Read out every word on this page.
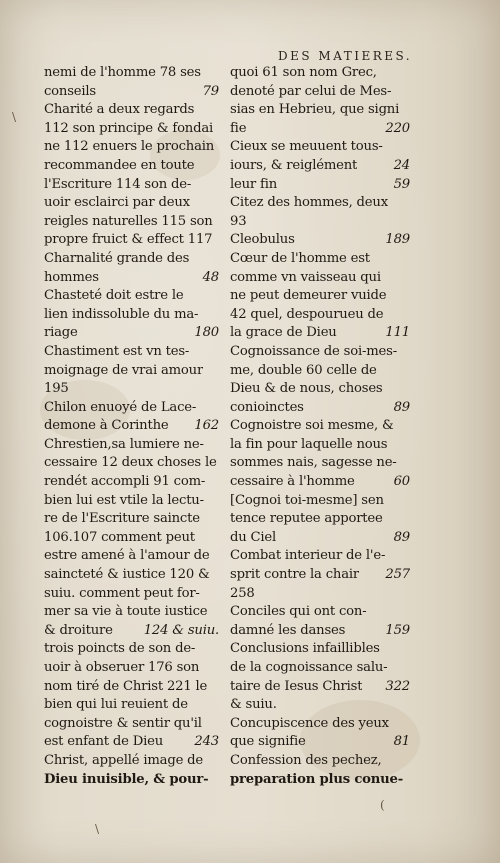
DES MATIERES.
nemi de l'homme 78 ses
conseils	79
Charité a deux regards
112 son principe & fondai
ne 112 enuers le prochain
recommandee en toute
l'Escriture 114 son de-
uoir esclairci par deux
reigles naturelles 115 son
propre fruict & effect 117
Charnalité grande des
hommes	48
Chasteté doit estre le
lien indissoluble du ma-
riage	180
Chastiment est vn tes-
moignage de vrai amour
195
Chilon enuoyé de Lace-
demone à Corinthe	162
Chrestien,sa lumiere ne-
cessaire 12 deux choses le
rendét accompli 91 com-
bien lui est vtile la lectu-
re de l'Escriture saincte
106.107 comment peut
estre amené à l'amour de
saincteté & iustice 120 &
suiu. comment peut for-
mer sa vie à toute iustice
& droiture	124 & suiu.
trois poincts de son de-
uoir à obseruer 176 son
nom tiré de Christ 221 le
bien qui lui reuient de
cognoistre & sentir qu'il
est enfant de Dieu	243
Christ, appellé image de
Dieu inuisible, & pour-
quoi 61 son nom Grec,
denoté par celui de Mes-
sias en Hebrieu, que signi
fie	220
Cieux se meuuent tous-
iours, & reiglément	24
leur fin	59
Citez des hommes, deux
93
Cleobulus	189
Cœur de l'homme est
comme vn vaisseau qui
ne peut demeurer vuide
42 quel, despourueu de
la grace de Dieu	111
Cognoissance de soi-mes-
me, double 60 celle de
Dieu & de nous, choses
conioinctes	89
Cognoistre soi mesme, &
la fin pour laquelle nous
sommes nais, sagesse ne-
cessaire à l'homme	60
[Cognoi toi-mesme] sen
tence reputee apportee
du Ciel	89
Combat interieur de l'e-
sprit contre la chair	257
258
Conciles qui ont con-
damné les danses	159
Conclusions infaillibles
de la cognoissance salu-
taire de Iesus Christ	322
& suiu.
Concupiscence des yeux
que signifie	81
Confession des pechez,
preparation plus conue-
\
\
(
